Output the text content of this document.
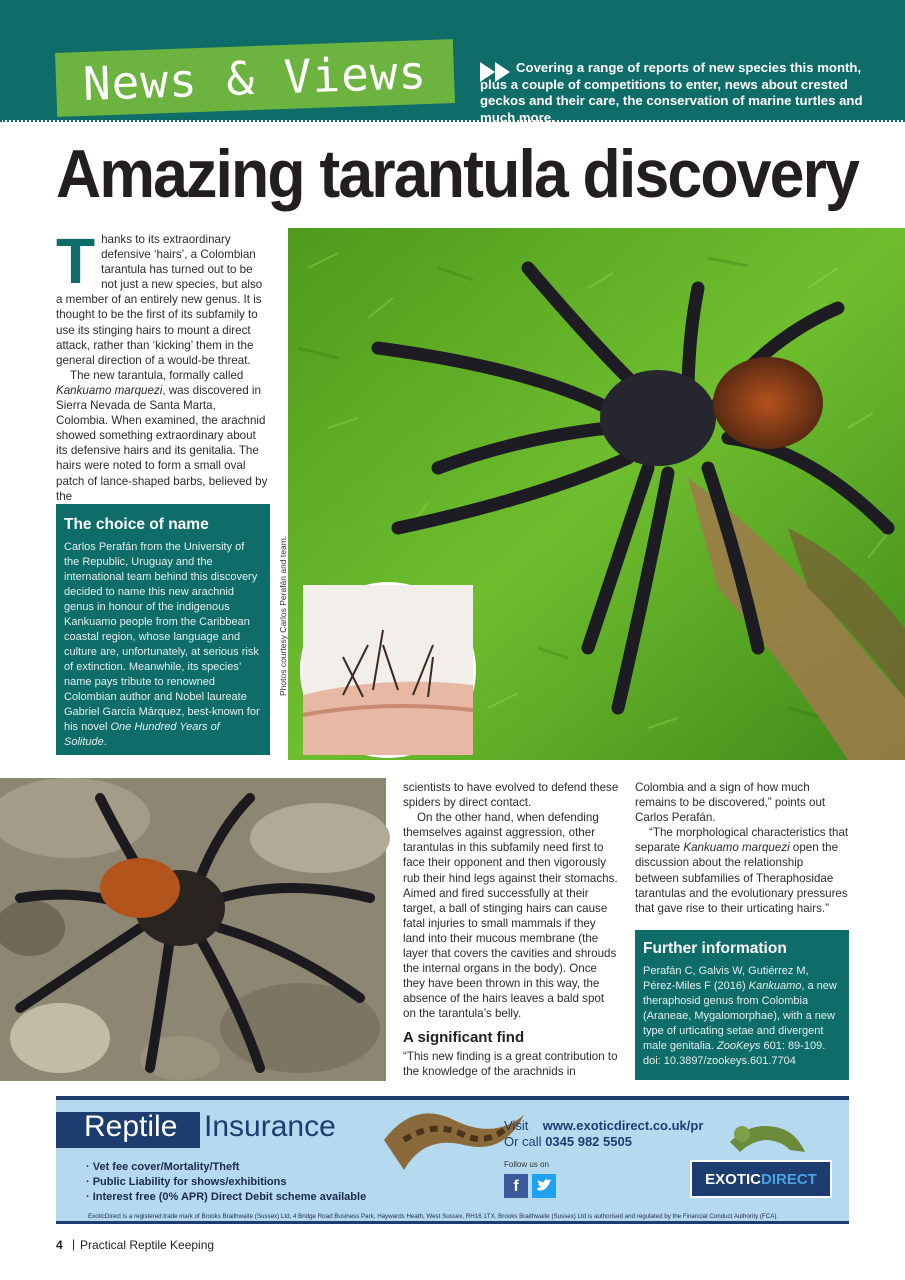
News & Views	Covering a range of reports of new species this month, plus a couple of competitions to enter, news about crested geckos and their care, the conservation of marine turtles and much more.
Amazing tarantula discovery

Thanks to its extraordinary defensive ‘hairs’, a Colombian tarantula has turned out to be not just a new species, but also a member of an entirely new genus. It is thought to be the first of its subfamily to use its stinging hairs to mount a direct attack, rather than ‘kicking’ them in the general direction of a would-be threat.

The new tarantula, formally called Kankuamo marquezi, was discovered in Sierra Nevada de Santa Marta, Colombia. When examined, the arachnid showed something extraordinary about its defensive hairs and its genitalia. The hairs were noted to form a small oval patch of lance-shaped barbs, believed by the

The choice of name

Carlos Perafán from the University of the Republic, Uruguay and the international team behind this discovery decided to name this new arachnid genus in honour of the indigenous Kankuamo people from the Caribbean coastal region, whose language and culture are, unfortunately, at serious risk of extinction. Meanwhile, its species’ name pays tribute to renowned Colombian author and Nobel laureate Gabriel García Márquez, best-known for his novel One Hundred Years of Solitude.

Photos courtesy Carlos Perafán and team.

scientists to have evolved to defend these spiders by direct contact.

On the other hand, when defending themselves against aggression, other tarantulas in this subfamily need first to face their opponent and then vigorously rub their hind legs against their stomachs. Aimed and fired successfully at their target, a ball of stinging hairs can cause fatal injuries to small mammals if they land into their mucous membrane (the layer that covers the cavities and shrouds the internal organs in the body). Once they have been thrown in this way, the absence of the hairs leaves a bald spot on the tarantula’s belly.

A significant find

“This new finding is a great contribution to the knowledge of the arachnids in

Colombia and a sign of how much remains to be discovered,” points out Carlos Perafán.

“The morphological characteristics that separate Kankuamo marquezi open the discussion about the relationship between subfamilies of Theraphosidae tarantulas and the evolutionary pressures that gave rise to their urticating hairs.”

Further information

Perafán C, Galvis W, Gutiérrez M, Pérez-Miles F (2016) Kankuamo, a new theraphosid genus from Colombia (Araneae, Mygalomorphae), with a new type of urticating setae and divergent male genitalia. ZooKeys 601: 89-109. doi: 10.3897/zookeys.601.7704

Reptile Insurance
· Vet fee cover/Mortality/Theft
· Public Liability for shows/exhibitions
· Interest free (0% APR) Direct Debit scheme available
Visit www.exoticdirect.co.uk/pr
Or call 0345 982 5505
Follow us on
f	EXOTIC DIRECT
ExoticDirect is a registered trade mark of Brooks Braithwaite (Sussex) Ltd, 4 Bridge Road Business Park, Haywards Heath, West Sussex, RH16 1TX. Brooks Braithwaite (Sussex) Ltd is authorised and regulated by the Financial Conduct Authority (FCA).
4 | Practical Reptile Keeping
